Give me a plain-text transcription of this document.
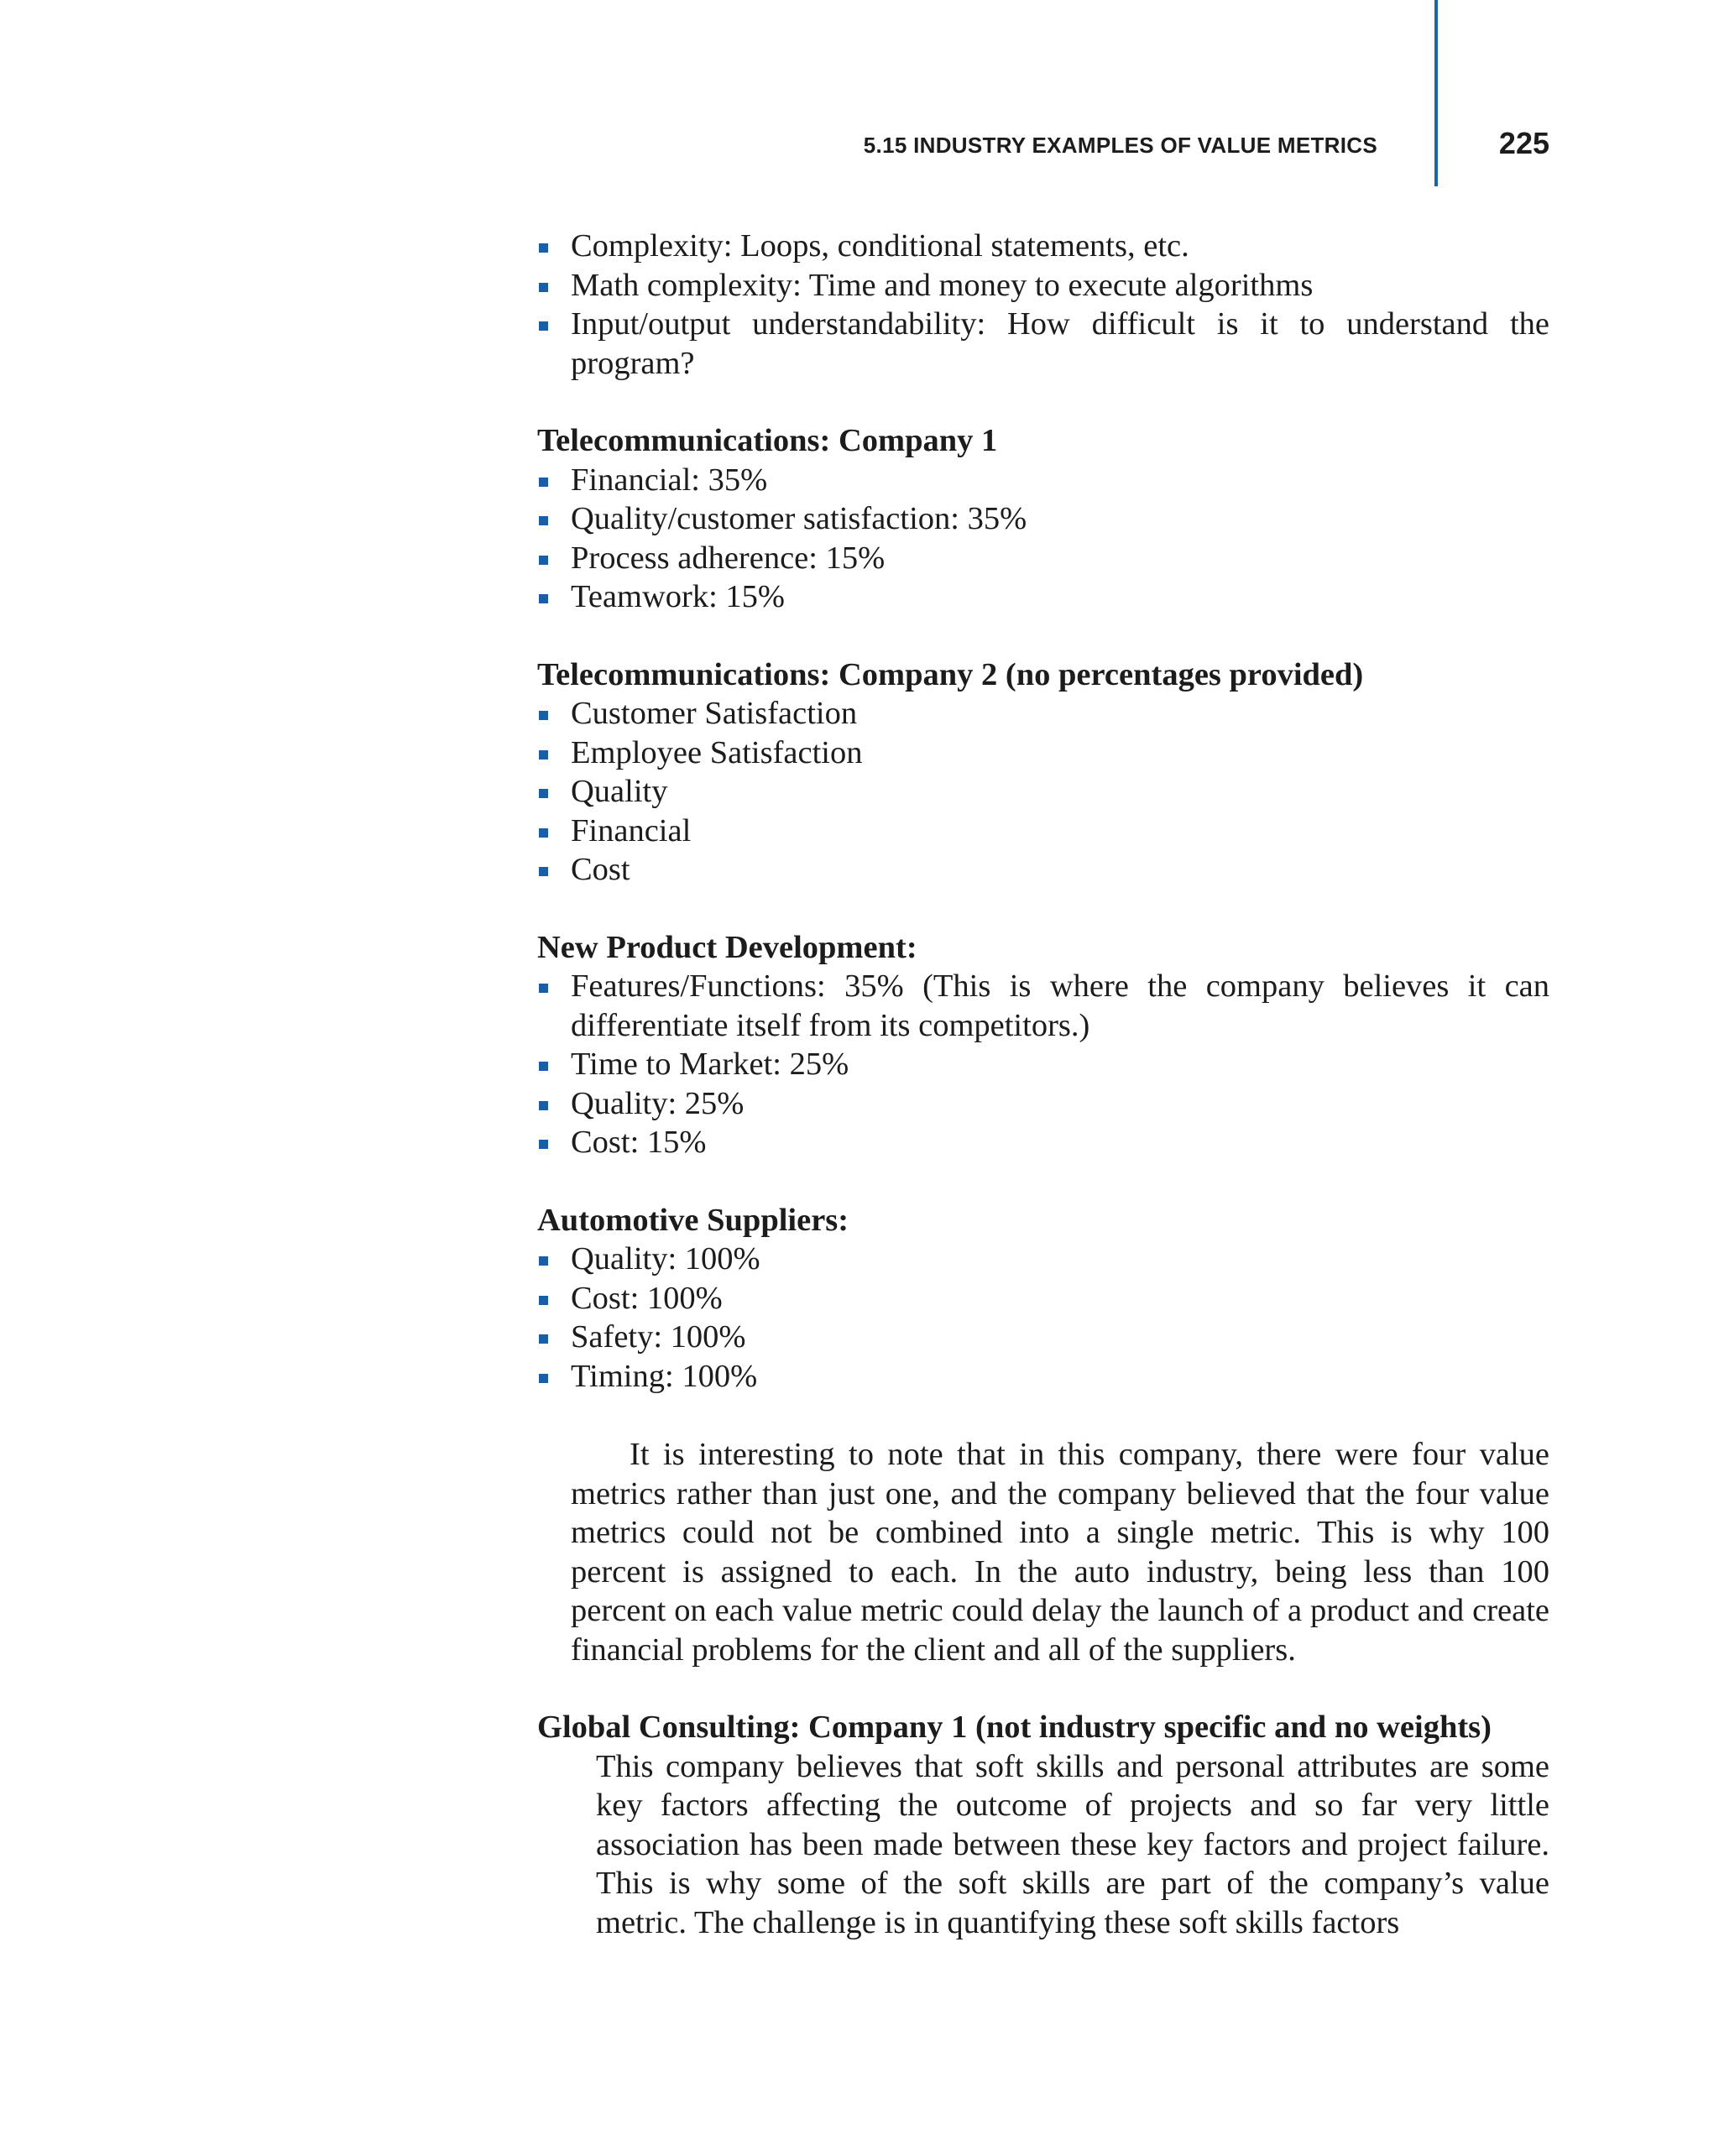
5.15 INDUSTRY EXAMPLES OF VALUE METRICS	225
Complexity: Loops, conditional statements, etc.
Math complexity: Time and money to execute algorithms
Input/output understandability: How difficult is it to understand the program?
Telecommunications: Company 1
Financial: 35%
Quality/customer satisfaction: 35%
Process adherence: 15%
Teamwork: 15%
Telecommunications: Company 2 (no percentages provided)
Customer Satisfaction
Employee Satisfaction
Quality
Financial
Cost
New Product Development:
Features/Functions: 35% (This is where the company believes it can differentiate itself from its competitors.)
Time to Market: 25%
Quality: 25%
Cost: 15%
Automotive Suppliers:
Quality: 100%
Cost: 100%
Safety: 100%
Timing: 100%

It is interesting to note that in this company, there were four value metrics rather than just one, and the company believed that the four value metrics could not be combined into a single metric. This is why 100 percent is assigned to each. In the auto industry, being less than 100 percent on each value metric could delay the launch of a product and create financial problems for the client and all of the suppliers.

Global Consulting: Company 1 (not industry specific and no weights)
This company believes that soft skills and personal attributes are some key factors affecting the outcome of projects and so far very little association has been made between these key factors and project failure. This is why some of the soft skills are part of the company’s value metric. The challenge is in quantifying these soft skills factors
